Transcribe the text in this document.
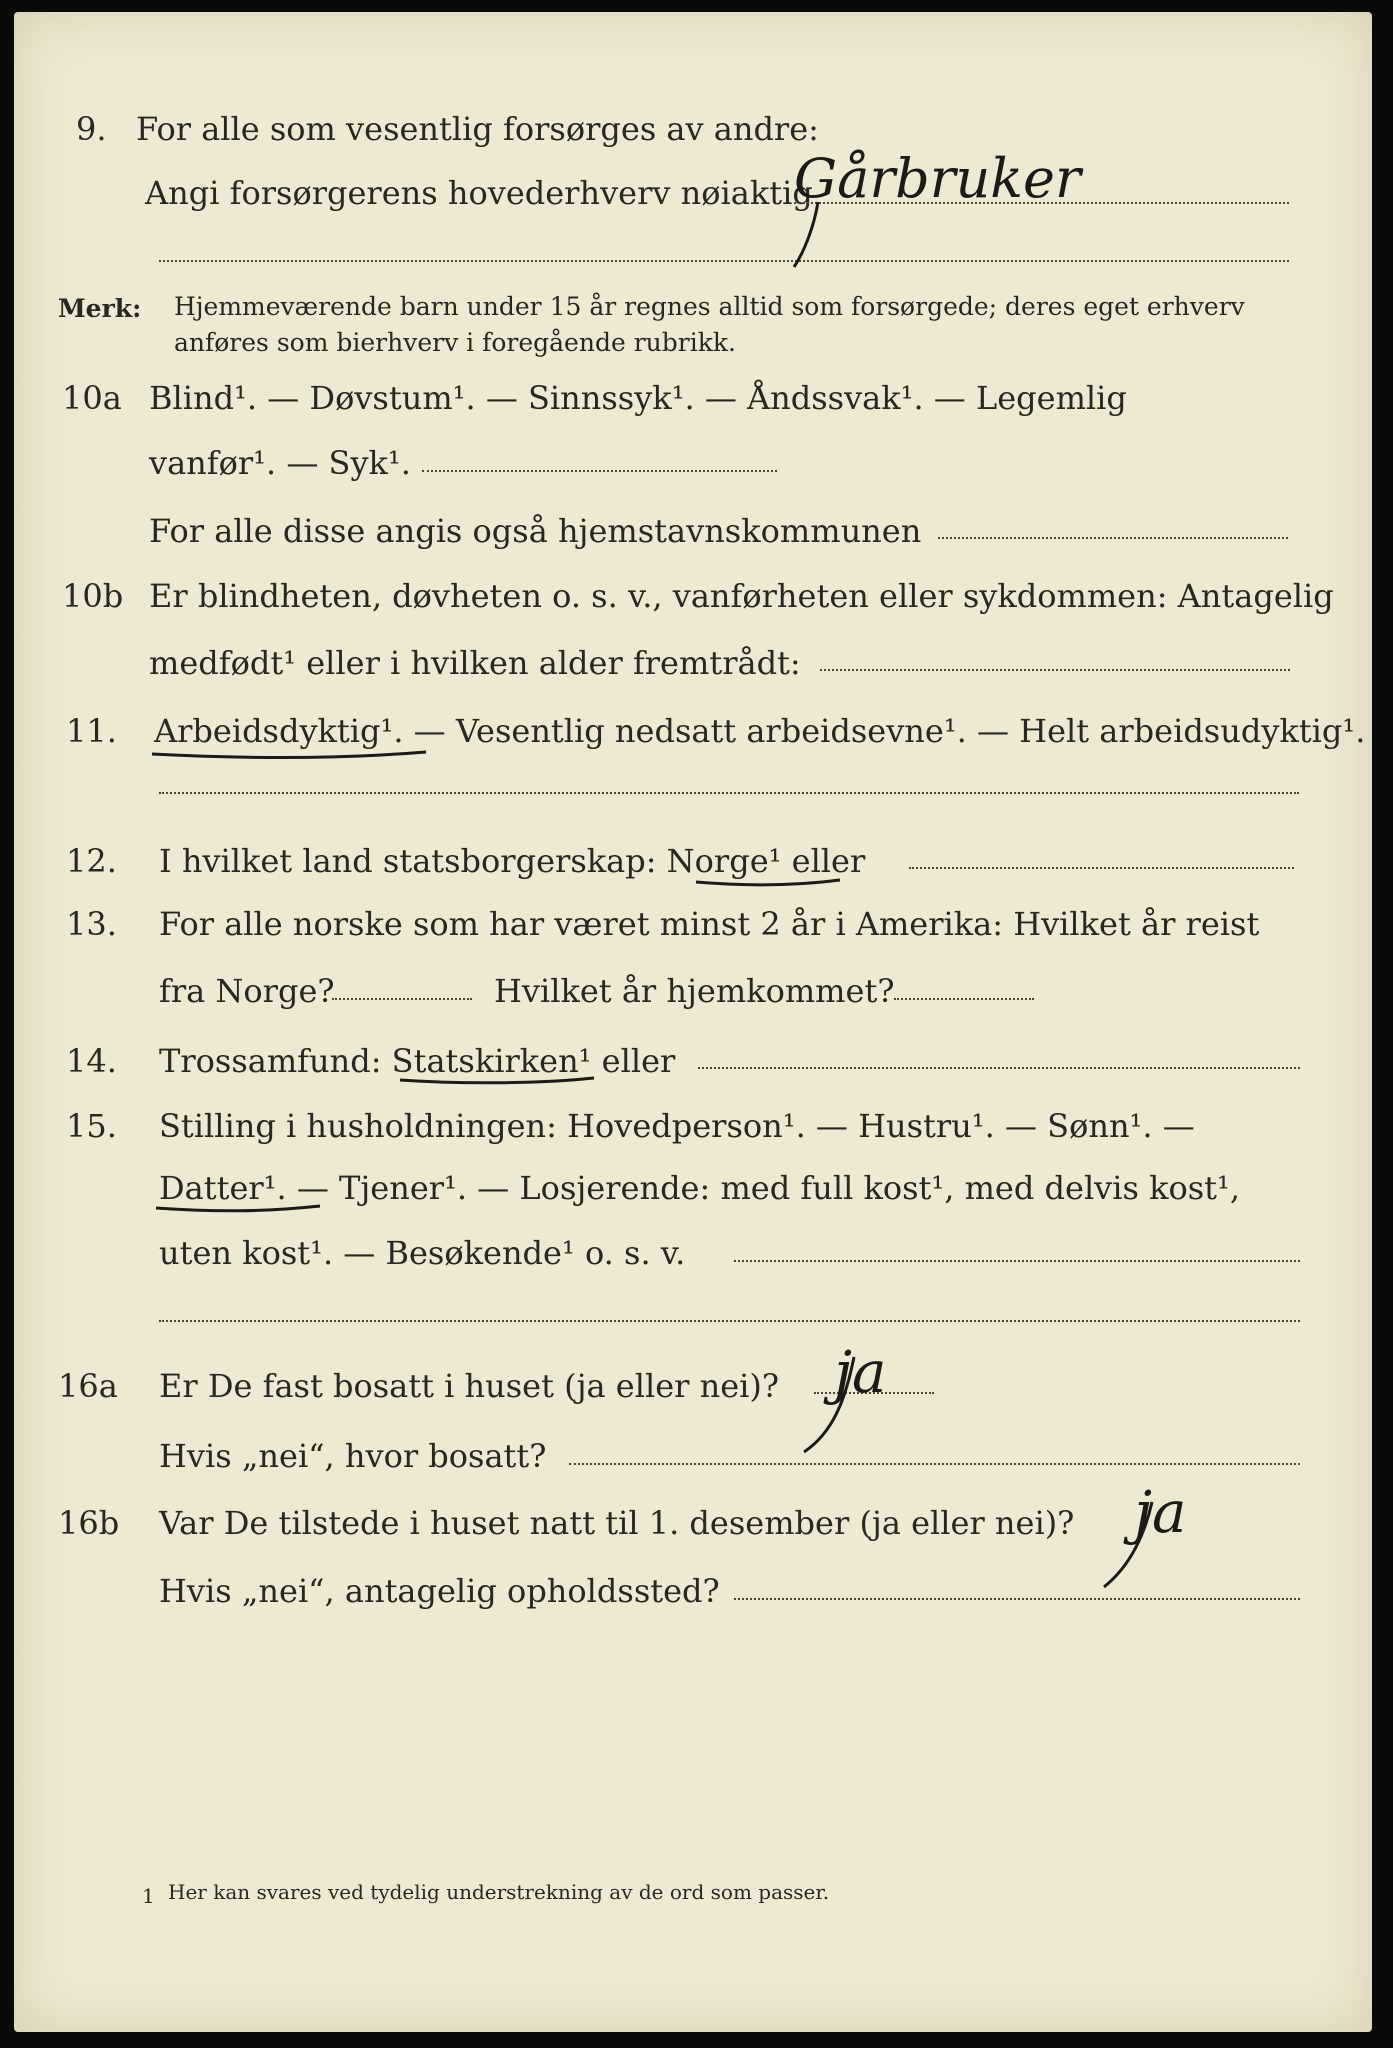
9. For alle som vesentlig forsørges av andre:
Angi forsørgerens hovederhverv nøiaktig
Gårbruker
Merk: Hjemmeværende barn under 15 år regnes alltid som forsørgede; deres eget erhverv
anføres som bierhverv i foregående rubrikk.
10a Blind¹. — Døvstum¹. — Sinnssyk¹. — Åndssvak¹. — Legemlig
vanfør¹. — Syk¹.
For alle disse angis også hjemstavnskommunen
10b Er blindheten, døvheten o. s. v., vanførheten eller sykdommen: Antagelig
medfødt¹ eller i hvilken alder fremtrådt:
11. Arbeidsdyktig¹. — Vesentlig nedsatt arbeidsevne¹. — Helt arbeidsudyktig¹.
12. I hvilket land statsborgerskap: Norge¹ eller
13. For alle norske som har været minst 2 år i Amerika: Hvilket år reist
fra Norge?	Hvilket år hjemkommet?
14. Trossamfund: Statskirken¹ eller
15. Stilling i husholdningen: Hovedperson¹. — Hustru¹. — Sønn¹. —
Datter¹. — Tjener¹. — Losjerende: med full kost¹, med delvis kost¹,
uten kost¹. — Besøkende¹ o. s. v.
16a Er De fast bosatt i huset (ja eller nei)?
Hvis „nei“, hvor bosatt?
ja
16b Var De tilstede i huset natt til 1. desember (ja eller nei)?
Hvis „nei“, antagelig opholdssted?
ja
1 Her kan svares ved tydelig understrekning av de ord som passer.
